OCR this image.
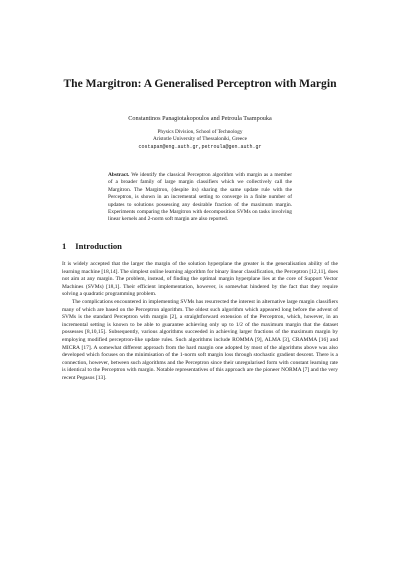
The Margitron: A Generalised Perceptron with Margin

Constantinos Panagiotakopoulos and Petroula Tsampouka

Physics Division, School of Technology
Aristotle University of Thessaloniki, Greece
costapan@eng.auth.gr,petroula@gen.auth.gr

Abstract. We identify the classical Perceptron algorithm with margin as a member of a broader family of large margin classifiers which we collectively call the Margitron. The Margitron, (despite its) sharing the same update rule with the Perceptron, is shown in an incremental setting to converge in a finite number of updates to solutions possessing any desirable fraction of the maximum margin. Experiments comparing the Margitron with decomposition SVMs on tasks involving linear kernels and 2-norm soft margin are also reported.

1 Introduction

It is widely accepted that the larger the margin of the solution hyperplane the greater is the generalisation ability of the learning machine [18,14]. The simplest online learning algorithm for binary linear classification, the Perceptron [12,11], does not aim at any margin. The problem, instead, of finding the optimal margin hyperplane lies at the core of Support Vector Machines (SVMs) [18,1]. Their efficient implementation, however, is somewhat hindered by the fact that they require solving a quadratic programming problem.

The complications encountered in implementing SVMs has resurrected the interest in alternative large margin classifiers many of which are based on the Perceptron algorithm. The oldest such algorithm which appeared long before the advent of SVMs is the standard Perceptron with margin [2], a straightforward extension of the Perceptron, which, however, in an incremental setting is known to be able to guarantee achieving only up to 1/2 of the maximum margin that the dataset possesses [8,10,15]. Subsequently, various algorithms succeeded in achieving larger fractions of the maximum margin by employing modified perceptron-like update rules. Such algorithms include ROMMA [9], ALMA [3], CRAMMA [16] and MICRA [17]. A somewhat different approach from the hard margin one adopted by most of the algorithms above was also developed which focuses on the minimisation of the 1-norm soft margin loss through stochastic gradient descent. There is a connection, however, between such algorithms and the Perceptron since their unregularised form with constant learning rate is identical to the Perceptron with margin. Notable representatives of this approach are the pioneer NORMA [7] and the very recent Pegasos [13].
